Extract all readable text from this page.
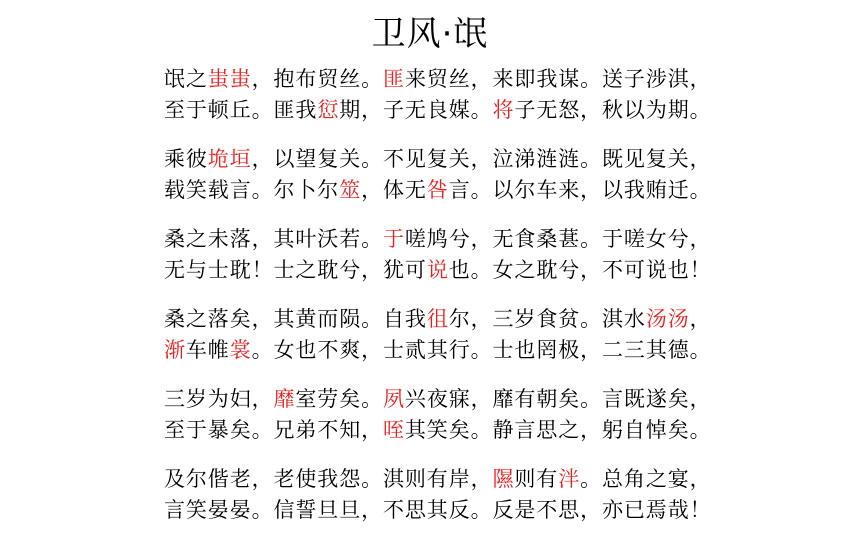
卫风·氓
氓之蚩蚩，抱布贸丝。匪来贸丝，来即我谋。送子涉淇，
至于顿丘。匪我愆期，子无良媒。将子无怒，秋以为期。
乘彼垝垣，以望复关。不见复关，泣涕涟涟。既见复关，
载笑载言。尔卜尔筮，体无咎言。以尔车来，以我贿迁。
桑之未落，其叶沃若。于嗟鸠兮，无食桑葚。于嗟女兮，
无与士耽！士之耽兮，犹可说也。女之耽兮，不可说也！
桑之落矣，其黄而陨。自我徂尔，三岁食贫。淇水汤汤，
渐车帷裳。女也不爽，士贰其行。士也罔极，二三其德。
三岁为妇，靡室劳矣。夙兴夜寐，靡有朝矣。言既遂矣，
至于暴矣。兄弟不知，咥其笑矣。静言思之，躬自悼矣。
及尔偕老，老使我怨。淇则有岸，隰则有泮。总角之宴，
言笑晏晏。信誓旦旦，不思其反。反是不思，亦已焉哉！
